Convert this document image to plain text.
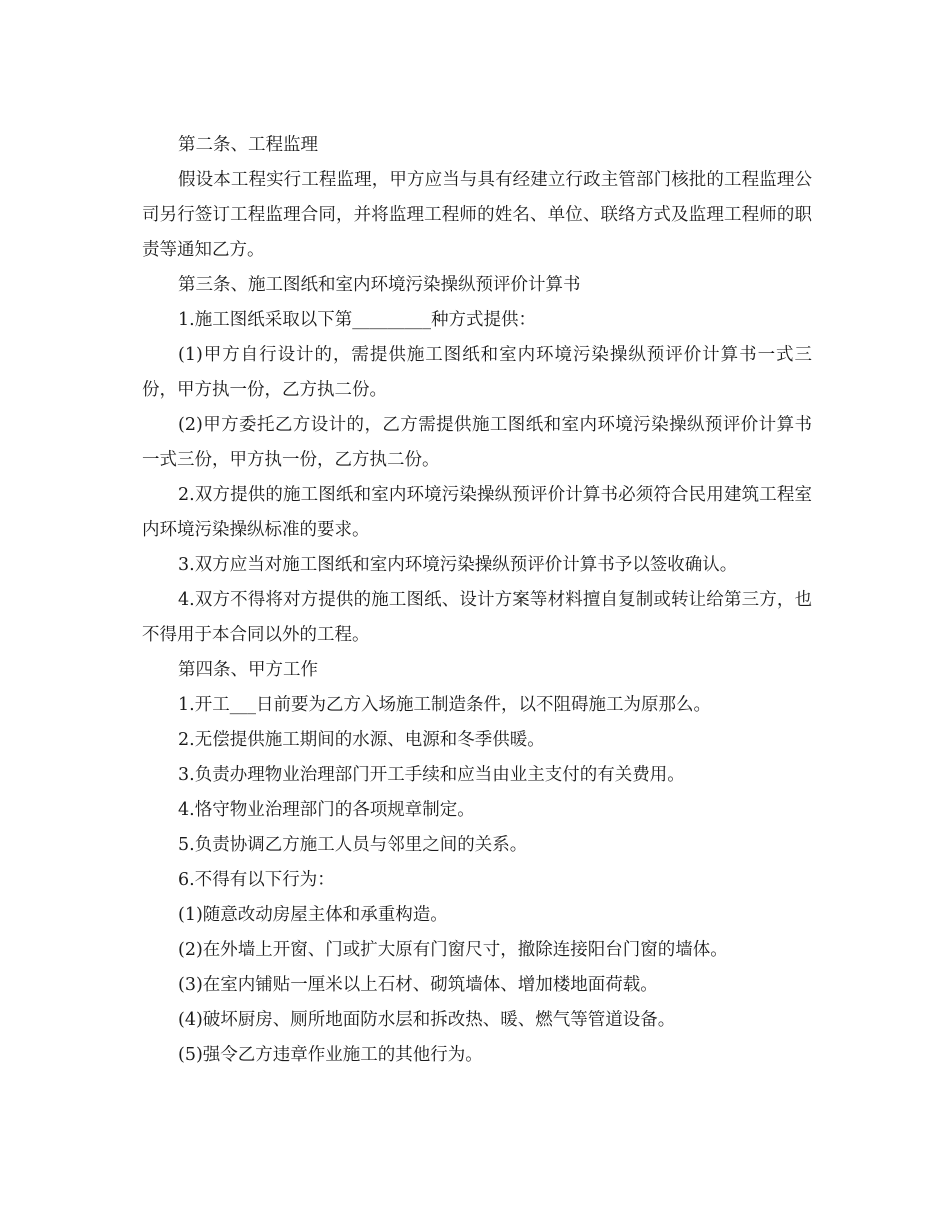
第二条、工程监理

假设本工程实行工程监理，甲方应当与具有经建立行政主管部门核批的工程监理公司另行签订工程监理合同，并将监理工程师的姓名、单位、联络方式及监理工程师的职责等通知乙方。

第三条、施工图纸和室内环境污染操纵预评价计算书

1.施工图纸采取以下第_________种方式提供：

(1)甲方自行设计的，需提供施工图纸和室内环境污染操纵预评价计算书一式三份，甲方执一份，乙方执二份。

(2)甲方委托乙方设计的，乙方需提供施工图纸和室内环境污染操纵预评价计算书一式三份，甲方执一份，乙方执二份。

2.双方提供的施工图纸和室内环境污染操纵预评价计算书必须符合民用建筑工程室内环境污染操纵标准的要求。

3.双方应当对施工图纸和室内环境污染操纵预评价计算书予以签收确认。

4.双方不得将对方提供的施工图纸、设计方案等材料擅自复制或转让给第三方，也不得用于本合同以外的工程。

第四条、甲方工作

1.开工___日前要为乙方入场施工制造条件，以不阻碍施工为原那么。

2.无偿提供施工期间的水源、电源和冬季供暖。

3.负责办理物业治理部门开工手续和应当由业主支付的有关费用。

4.恪守物业治理部门的各项规章制定。

5.负责协调乙方施工人员与邻里之间的关系。

6.不得有以下行为：

(1)随意改动房屋主体和承重构造。

(2)在外墙上开窗、门或扩大原有门窗尺寸，撤除连接阳台门窗的墙体。

(3)在室内铺贴一厘米以上石材、砌筑墙体、增加楼地面荷载。

(4)破坏厨房、厕所地面防水层和拆改热、暖、燃气等管道设备。

(5)强令乙方违章作业施工的其他行为。
